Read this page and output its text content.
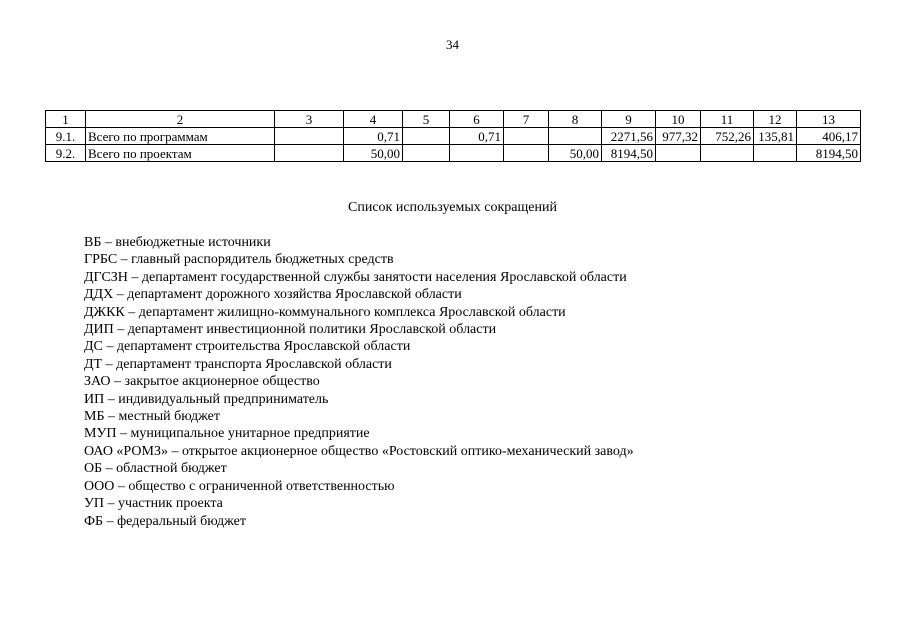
34
1	2	3	4	5	6	7	8	9	10	11	12	13
9.1.	Всего по программам		0,71		0,71			2271,56	977,32	752,26	135,81	406,17
9.2.	Всего по проектам		50,00				50,00	8194,50				8194,50
Список используемых сокращений
ВБ – внебюджетные источники
ГРБС – главный распорядитель бюджетных средств
ДГСЗН – департамент государственной службы занятости населения Ярославской области
ДДХ – департамент дорожного хозяйства Ярославской области
ДЖКК – департамент жилищно-коммунального комплекса Ярославской области
ДИП – департамент инвестиционной политики Ярославской области
ДС – департамент строительства Ярославской области
ДТ – департамент транспорта Ярославской области
ЗАО – закрытое акционерное общество
ИП – индивидуальный предприниматель
МБ – местный бюджет
МУП – муниципальное унитарное предприятие
ОАО «РОМЗ» – открытое акционерное общество «Ростовский оптико-механический завод»
ОБ – областной бюджет
ООО – общество с ограниченной ответственностью
УП – участник проекта
ФБ – федеральный бюджет
